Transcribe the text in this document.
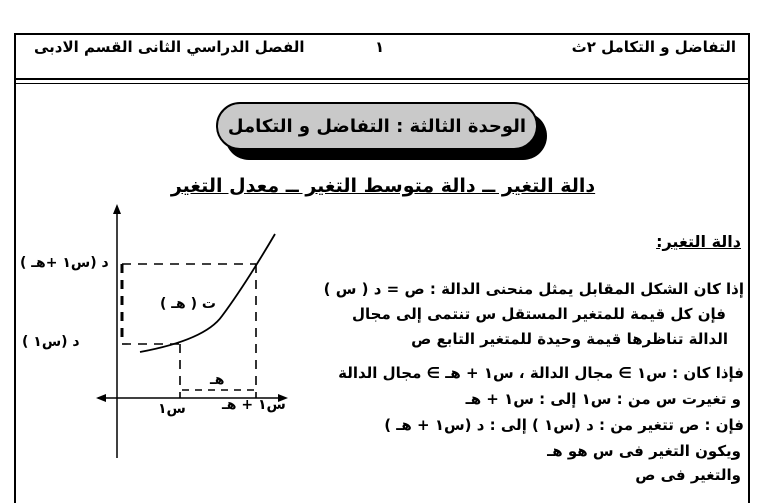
التفاضل و التكامل ٢ث
١
الفصل الدراسي الثانى القسم الادبى
الوحدة الثالثة : التفاضل و التكامل
دالة التغير ــ دالة متوسط التغير ــ معدل التغير
دالة التغير:
إذا كان الشكل المقابل يمثل منحنى الدالة : ص = د ( س )
فإن كل قيمة للمتغير المستقل س تنتمى إلى مجال
الدالة تناظرها قيمة وحيدة للمتغير التابع ص
فإذا كان : س١ ∋ مجال الدالة ، س١ + هـ ∋ مجال الدالة
و تغيرت س من : س١ إلى : س١ + هـ
فإن : ص تتغير من : د (س١ ) إلى : د (س١ + هـ )
ويكون التغير فى س هو هـ
والتغير فى ص
د (س١ +هـ )
د (س١ )
ت ( هـ )
هـ
س١	س١ + هـ
